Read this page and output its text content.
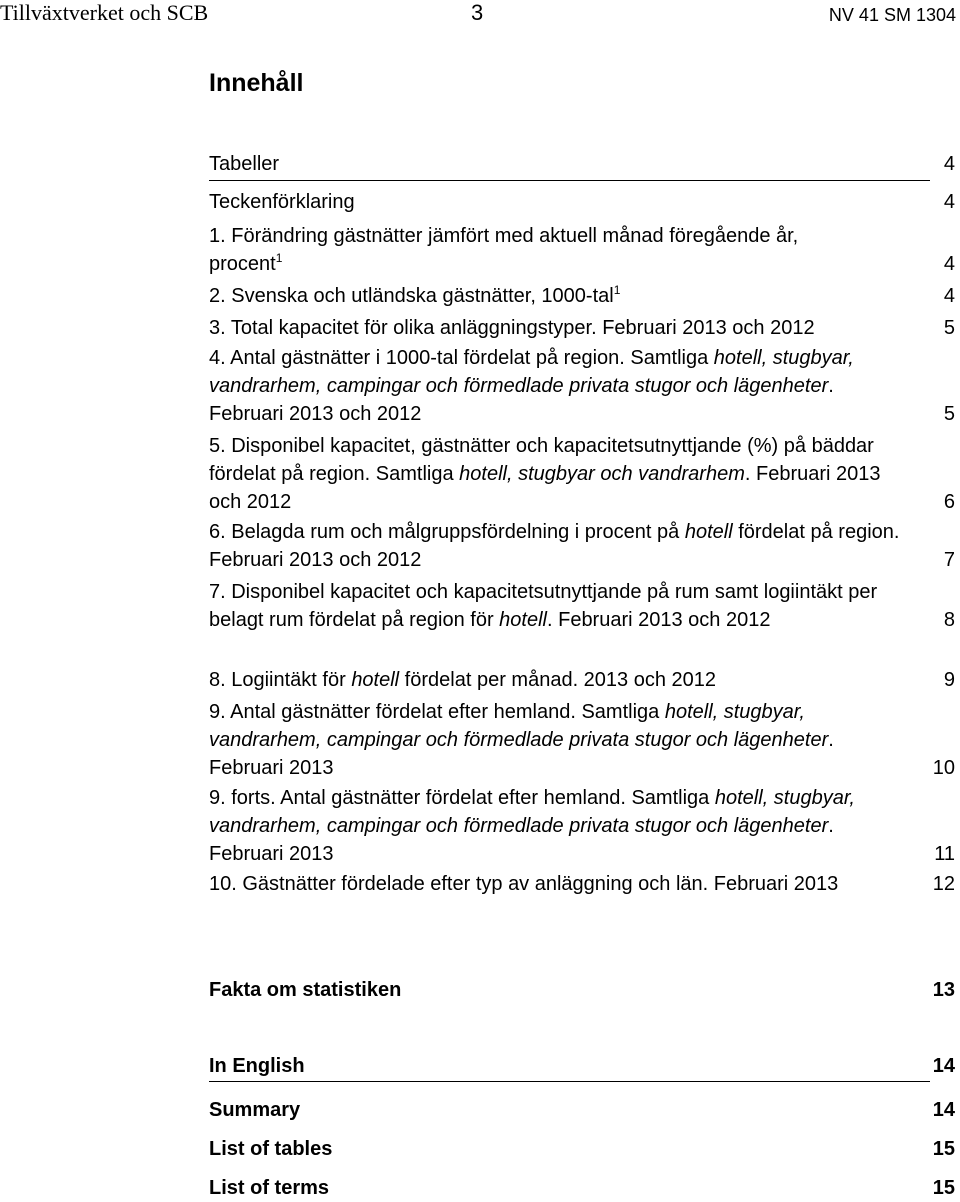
Tillväxtverket och SCB	3	NV 41 SM 1304
Innehåll
Tabeller	4
Teckenförklaring	4
1. Förändring gästnätter jämfört med aktuell månad föregående år, procent$^1$	4
2. Svenska och utländska gästnätter, 1000-tal$^1$	4
3. Total kapacitet för olika anläggningstyper. Februari 2013 och 2012	5
4. Antal gästnätter i 1000-tal fördelat på region. Samtliga hotell, stugbyar, vandrarhem, campingar och förmedlade privata stugor och lägenheter. Februari 2013 och 2012	5
5. Disponibel kapacitet, gästnätter och kapacitetsutnyttjande (%) på bäddar fördelat på region. Samtliga hotell, stugbyar och vandrarhem. Februari 2013 och 2012	6
6. Belagda rum och målgruppsfördelning i procent på hotell fördelat på region. Februari 2013 och 2012	7
7. Disponibel kapacitet och kapacitetsutnyttjande på rum samt logiintäkt per belagt rum fördelat på region för hotell. Februari 2013 och 2012	8
8. Logiintäkt för hotell fördelat per månad. 2013 och 2012	9
9. Antal gästnätter fördelat efter hemland. Samtliga hotell, stugbyar, vandrarhem, campingar och förmedlade privata stugor och lägenheter. Februari 2013	10
9. forts. Antal gästnätter fördelat efter hemland. Samtliga hotell, stugbyar, vandrarhem, campingar och förmedlade privata stugor och lägenheter. Februari 2013	11
10. Gästnätter fördelade efter typ av anläggning och län. Februari 2013	12
Fakta om statistiken	13
In English	14
Summary	14
List of tables	15
List of terms	15
